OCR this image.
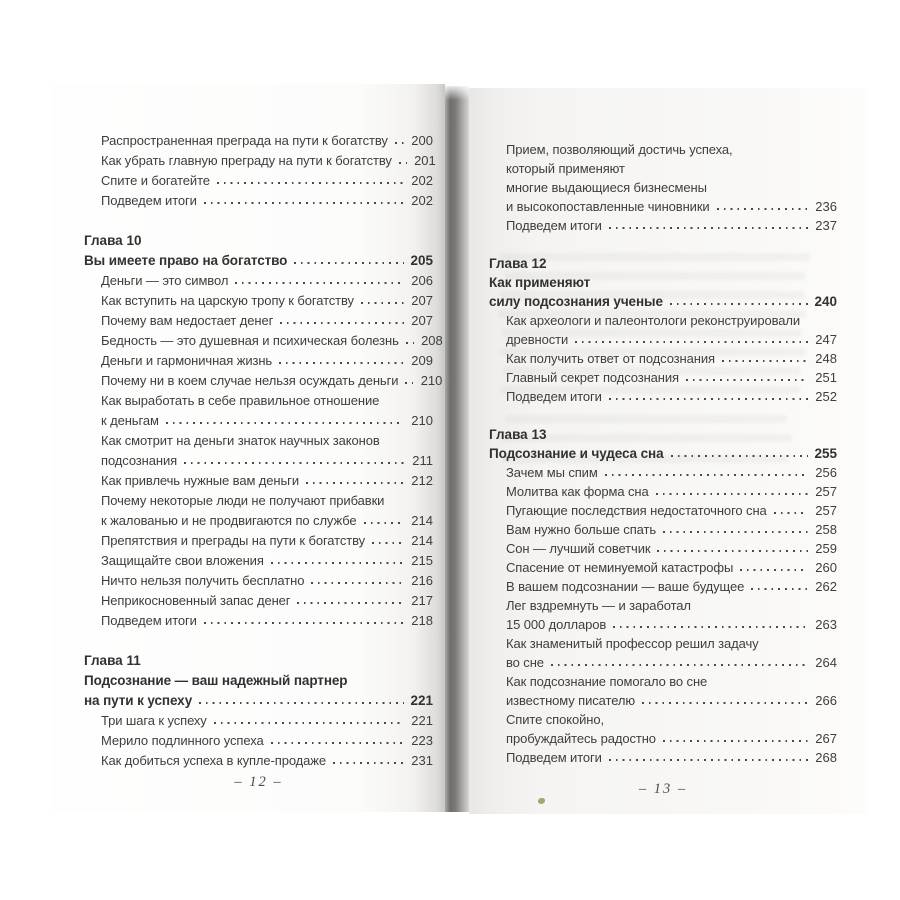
Распространенная преграда на пути к богатству 200
Как убрать главную преграду на пути к богатству 201
Спите и богатейте	202
Подведем итоги	202
Глава 10
Вы имеете право на богатство	205
Деньги — это символ	206
Как вступить на царскую тропу к богатству	207
Почему вам недостает денег	207
Бедность — это душевная и психическая болезнь 208
Деньги и гармоничная жизнь	209
Почему ни в коем случае нельзя осуждать деньги 210
Как выработать в себе правильное отношение
к деньгам	210
Как смотрит на деньги знаток научных законов
подсознания	211
Как привлечь нужные вам деньги	212
Почему некоторые люди не получают прибавки
к жалованью и не продвигаются по службе	214
Препятствия и преграды на пути к богатству	214
Защищайте свои вложения	215
Ничто нельзя получить бесплатно	216
Неприкосновенный запас денег	217
Подведем итоги	218
Глава 11
Подсознание — ваш надежный партнер
на пути к успеху	221
Три шага к успеху	221
Мерило подлинного успеха	223
Как добиться успеха в купле-продаже	231
Прием, позволяющий достичь успеха,
который применяют
многие выдающиеся бизнесмены
и высокопоставленные чиновники	236
Подведем итоги	237
Глава 12
Как применяют
силу подсознания ученые	240
Как археологи и палеонтологи реконструировали
древности	247
Как получить ответ от подсознания	248
Главный секрет подсознания	251
Подведем итоги	252
Глава 13
Подсознание и чудеса сна	255
Зачем мы спим	256
Молитва как форма сна	257
Пугающие последствия недостаточного сна	257
Вам нужно больше спать	258
Сон — лучший советчик	259
Спасение от неминуемой катастрофы	260
В вашем подсознании — ваше будущее	262
Лег вздремнуть — и заработал
15 000 долларов	263
Как знаменитый профессор решил задачу
во сне	264
Как подсознание помогало во сне
известному писателю	266
Спите спокойно,
пробуждайтесь радостно	267
Подведем итоги	268
– 12 –	– 13 –
